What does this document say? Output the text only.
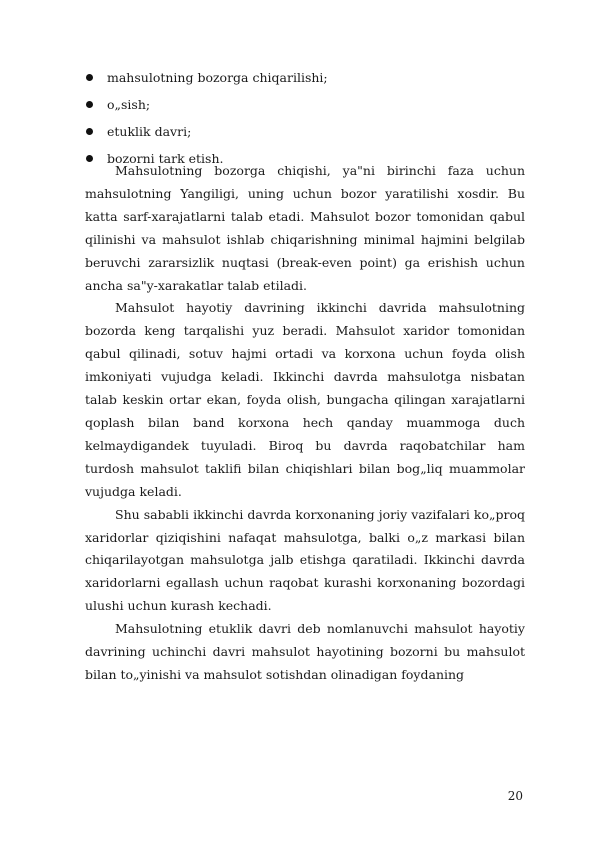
mahsulotning bozorga chiqarilishi;
o„sish;
etuklik davri;
bozorni tark etish.

Mahsulotning bozorga chiqishi, ya"ni birinchi faza uchun mahsulotning Yangiligi, uning uchun bozor yaratilishi xosdir. Bu katta sarf-xarajatlarni talab etadi. Mahsulot bozor tomonidan qabul qilinishi va mahsulot ishlab chiqarishning minimal hajmini belgilab beruvchi zararsizlik nuqtasi (break-even point) ga erishish uchun ancha sa"y-xarakatlar talab etiladi.

Mahsulot hayotiy davrining ikkinchi davrida mahsulotning bozorda keng tarqalishi yuz beradi. Mahsulot xaridor tomonidan qabul qilinadi, sotuv hajmi ortadi va korxona uchun foyda olish imkoniyati vujudga keladi. Ikkinchi davrda mahsulotga nisbatan talab keskin ortar ekan, foyda olish, bungacha qilingan xarajatlarni qoplash bilan band korxona hech qanday muammoga duch kelmaydigandek tuyuladi. Biroq bu davrda raqobatchilar ham turdosh mahsulot taklifi bilan chiqishlari bilan bog„liq muammolar vujudga keladi.

Shu sababli ikkinchi davrda korxonaning joriy vazifalari ko„proq xaridorlar qiziqishini nafaqat mahsulotga, balki o„z markasi bilan chiqarilayotgan mahsulotga jalb etishga qaratiladi. Ikkinchi davrda xaridorlarni egallash uchun raqobat kurashi korxonaning bozordagi ulushi uchun kurash kechadi.

Mahsulotning etuklik davri deb nomlanuvchi mahsulot hayotiy davrining uchinchi davri mahsulot hayotining bozorni bu mahsulot bilan to„yinishi va mahsulot sotishdan olinadigan foydaning

20
